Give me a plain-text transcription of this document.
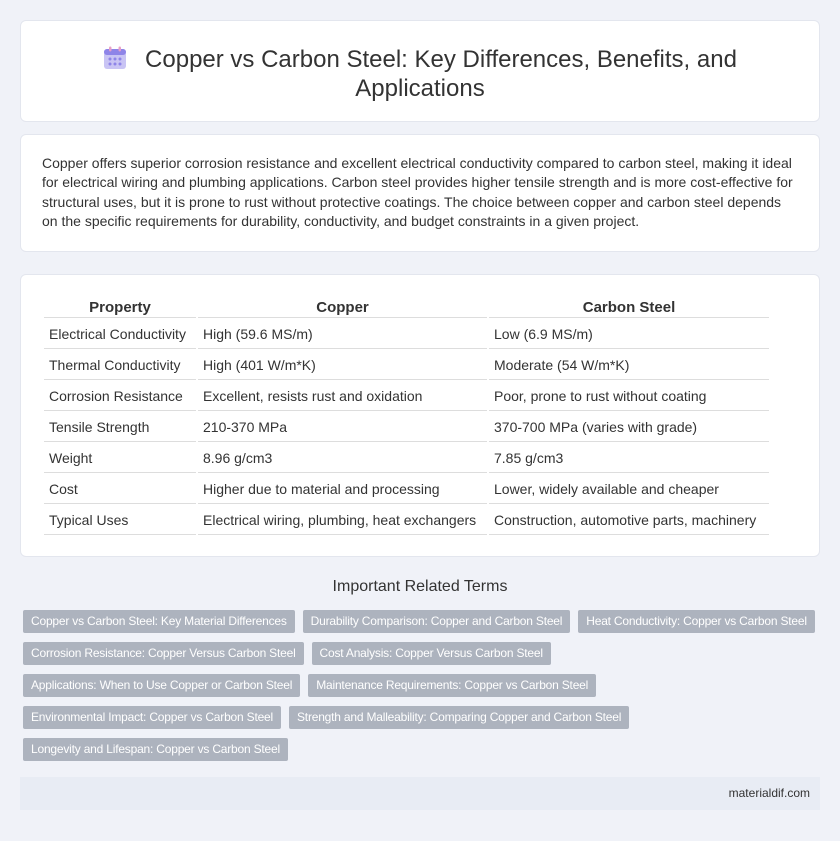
Copper vs Carbon Steel: Key Differences, Benefits, and Applications

Copper offers superior corrosion resistance and excellent electrical conductivity compared to carbon steel, making it ideal for electrical wiring and plumbing applications. Carbon steel provides higher tensile strength and is more cost-effective for structural uses, but it is prone to rust without protective coatings. The choice between copper and carbon steel depends on the specific requirements for durability, conductivity, and budget constraints in a given project.

Property	Copper	Carbon Steel
Electrical Conductivity	High (59.6 MS/m)	Low (6.9 MS/m)
Thermal Conductivity	High (401 W/m*K)	Moderate (54 W/m*K)
Corrosion Resistance	Excellent, resists rust and oxidation	Poor, prone to rust without coating
Tensile Strength	210-370 MPa	370-700 MPa (varies with grade)
Weight	8.96 g/cm3	7.85 g/cm3
Cost	Higher due to material and processing	Lower, widely available and cheaper
Typical Uses	Electrical wiring, plumbing, heat exchangers	Construction, automotive parts, machinery
Important Related Terms
Copper vs Carbon Steel: Key Material Differences	Durability Comparison: Copper and Carbon Steel	Heat Conductivity: Copper vs Carbon Steel
Corrosion Resistance: Copper Versus Carbon Steel	Cost Analysis: Copper Versus Carbon Steel
Applications: When to Use Copper or Carbon Steel	Maintenance Requirements: Copper vs Carbon Steel
Environmental Impact: Copper vs Carbon Steel	Strength and Malleability: Comparing Copper and Carbon Steel
Longevity and Lifespan: Copper vs Carbon Steel
materialdif.com
